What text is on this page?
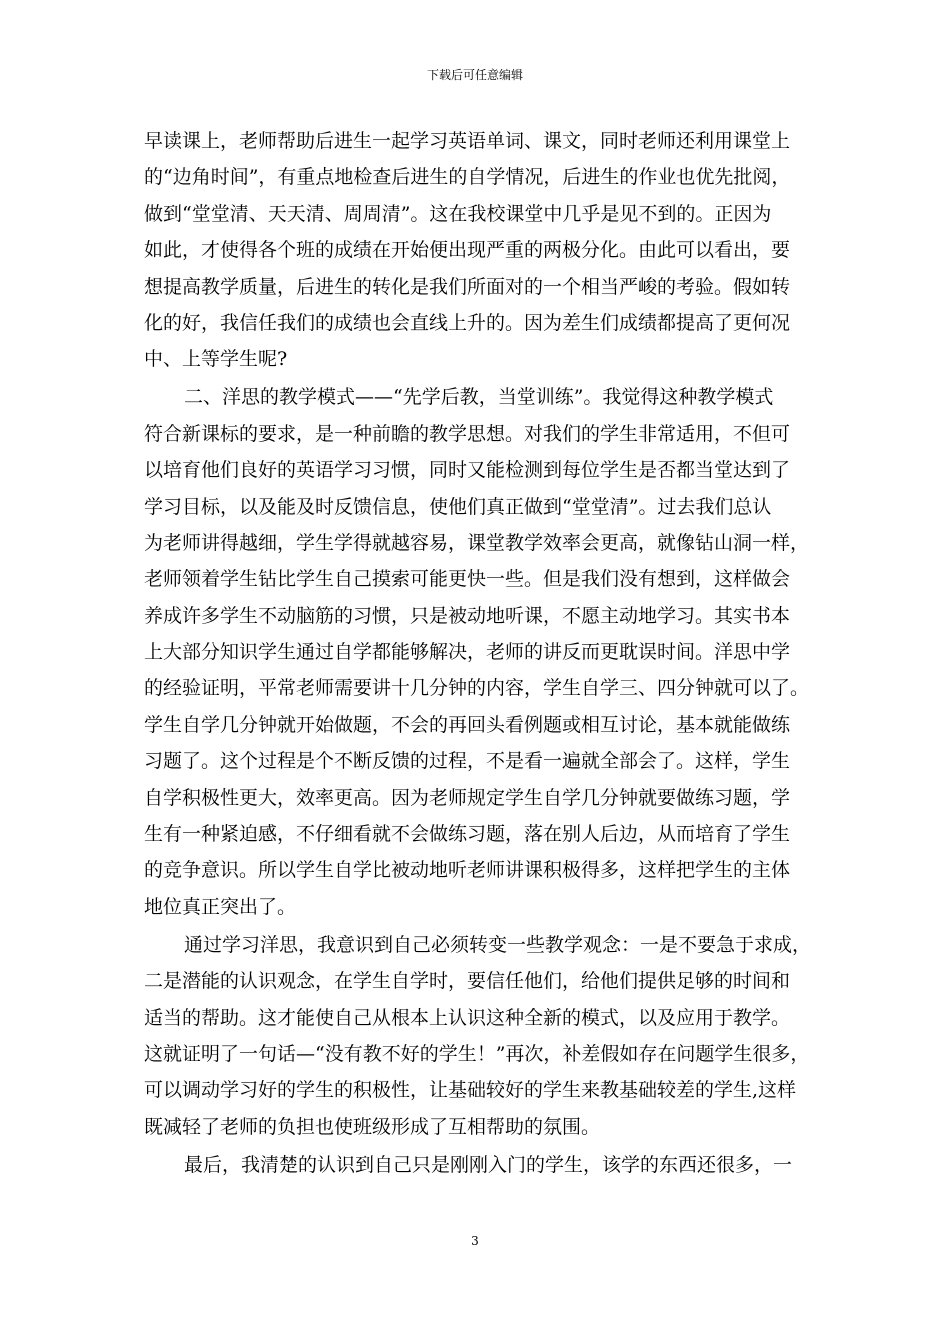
下载后可任意编辑
早读课上，老师帮助后进生一起学习英语单词、课文，同时老师还利用课堂上
的“边角时间”，有重点地检查后进生的自学情况，后进生的作业也优先批阅，
做到“堂堂清、天天清、周周清”。这在我校课堂中几乎是见不到的。正因为
如此，才使得各个班的成绩在开始便出现严重的两极分化。由此可以看出，要
想提高教学质量，后进生的转化是我们所面对的一个相当严峻的考验。假如转
化的好，我信任我们的成绩也会直线上升的。因为差生们成绩都提高了更何况
中、上等学生呢?
二、洋思的教学模式——“先学后教，当堂训练”。我觉得这种教学模式
符合新课标的要求，是一种前瞻的教学思想。对我们的学生非常适用，不但可
以培育他们良好的英语学习习惯，同时又能检测到每位学生是否都当堂达到了
学习目标，以及能及时反馈信息，使他们真正做到“堂堂清”。过去我们总认
为老师讲得越细，学生学得就越容易，课堂教学效率会更高，就像钻山洞一样，
老师领着学生钻比学生自己摸索可能更快一些。但是我们没有想到，这样做会
养成许多学生不动脑筋的习惯，只是被动地听课，不愿主动地学习。其实书本
上大部分知识学生通过自学都能够解决，老师的讲反而更耽误时间。洋思中学
的经验证明，平常老师需要讲十几分钟的内容，学生自学三、四分钟就可以了。
学生自学几分钟就开始做题，不会的再回头看例题或相互讨论，基本就能做练
习题了。这个过程是个不断反馈的过程，不是看一遍就全部会了。这样，学生
自学积极性更大，效率更高。因为老师规定学生自学几分钟就要做练习题，学
生有一种紧迫感，不仔细看就不会做练习题，落在别人后边，从而培育了学生
的竞争意识。所以学生自学比被动地听老师讲课积极得多，这样把学生的主体
地位真正突出了。
通过学习洋思，我意识到自己必须转变一些教学观念：一是不要急于求成，
二是潜能的认识观念，在学生自学时，要信任他们，给他们提供足够的时间和
适当的帮助。这才能使自己从根本上认识这种全新的模式，以及应用于教学。
这就证明了一句话—“没有教不好的学生！”再次，补差假如存在问题学生很多，
可以调动学习好的学生的积极性，让基础较好的学生来教基础较差的学生,这样
既减轻了老师的负担也使班级形成了互相帮助的氛围。
最后，我清楚的认识到自己只是刚刚入门的学生，该学的东西还很多，一
3
